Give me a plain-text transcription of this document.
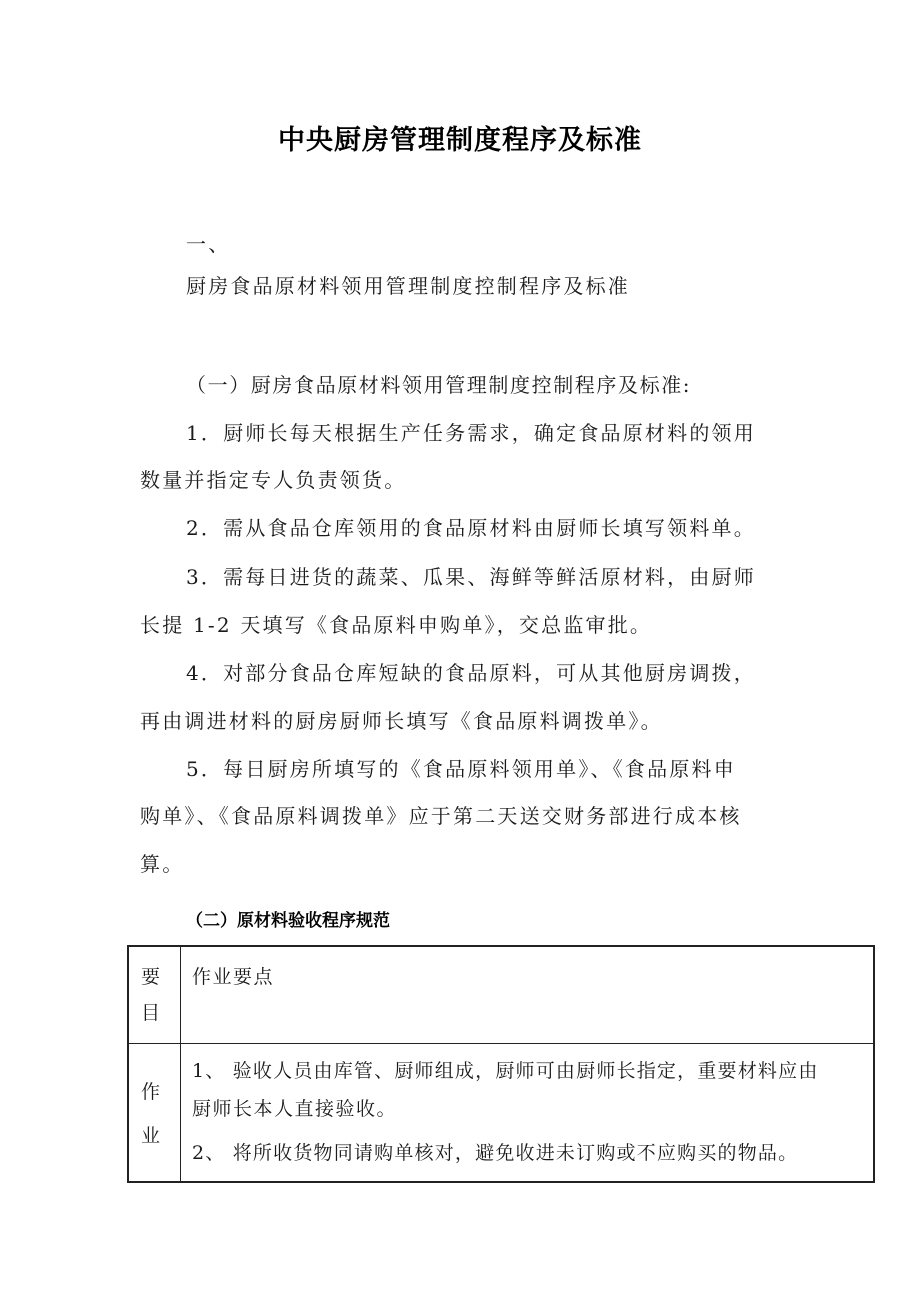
中央厨房管理制度程序及标准
一、
厨房食品原材料领用管理制度控制程序及标准
（一）厨房食品原材料领用管理制度控制程序及标准:
1．厨师长每天根据生产任务需求，确定食品原材料的领用
数量并指定专人负责领货。
2．需从食品仓库领用的食品原材料由厨师长填写领料单。
3．需每日进货的蔬菜、瓜果、海鲜等鲜活原材料，由厨师
长提 1-2 天填写《食品原料申购单》，交总监审批。
4．对部分食品仓库短缺的食品原料，可从其他厨房调拨，
再由调进材料的厨房厨师长填写《食品原料调拨单》。
5．每日厨房所填写的《食品原料领用单》、《食品原料申
购单》、《食品原料调拨单》应于第二天送交财务部进行成本核
算。
（二）原材料验收程序规范
要
目
作业要点
作
业
1、 验收人员由库管、厨师组成，厨师可由厨师长指定，重要材料应由
厨师长本人直接验收。
2、 将所收货物同请购单核对，避免收进未订购或不应购买的物品。
